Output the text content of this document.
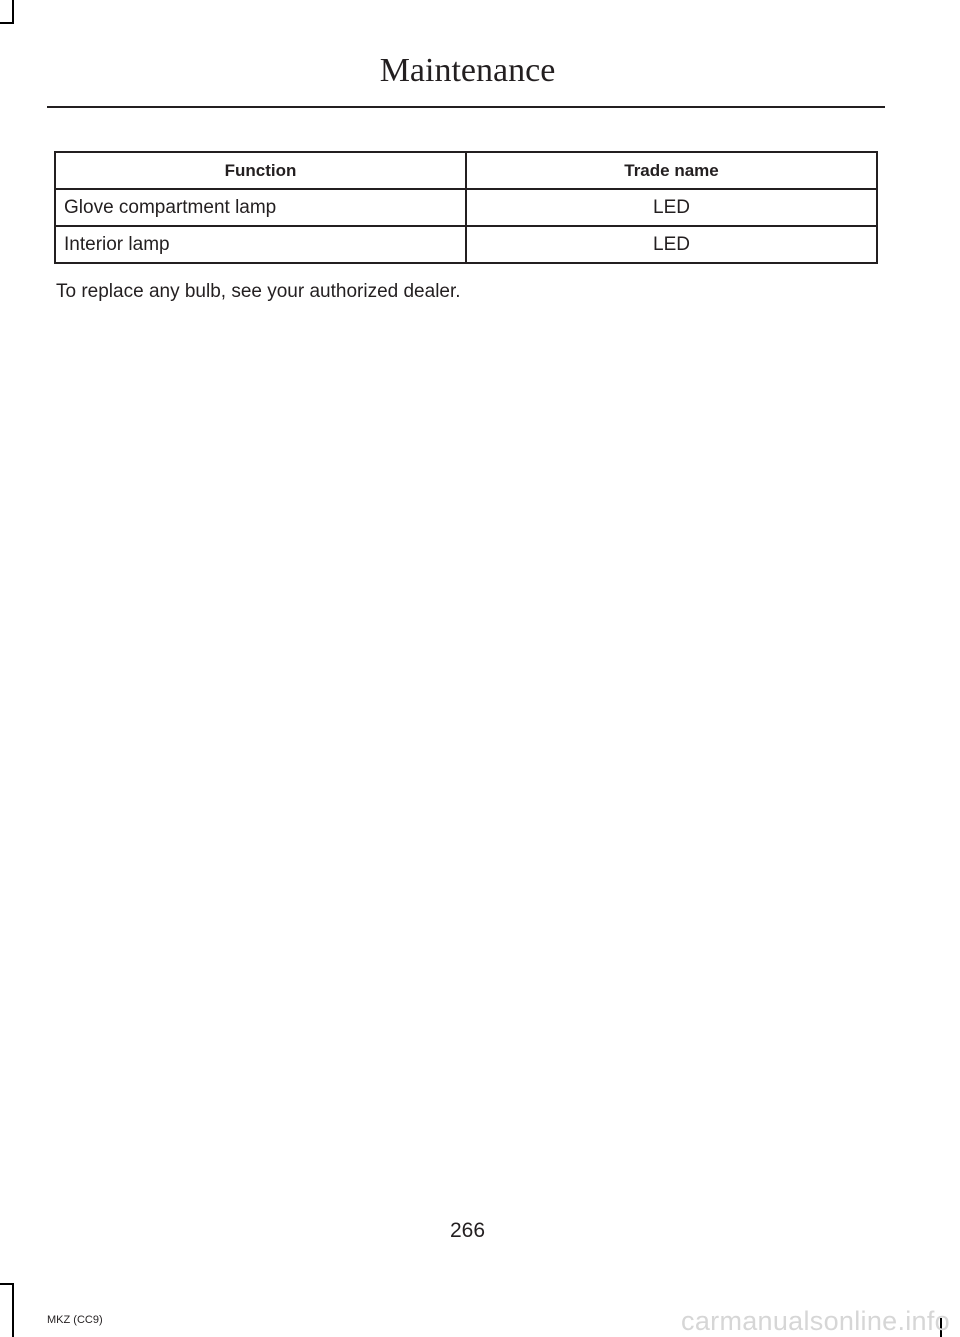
Maintenance
Function	Trade name
Glove compartment lamp	LED
Interior lamp	LED
To replace any bulb, see your authorized dealer.
266
MKZ (CC9)	carmanualsonline.info
